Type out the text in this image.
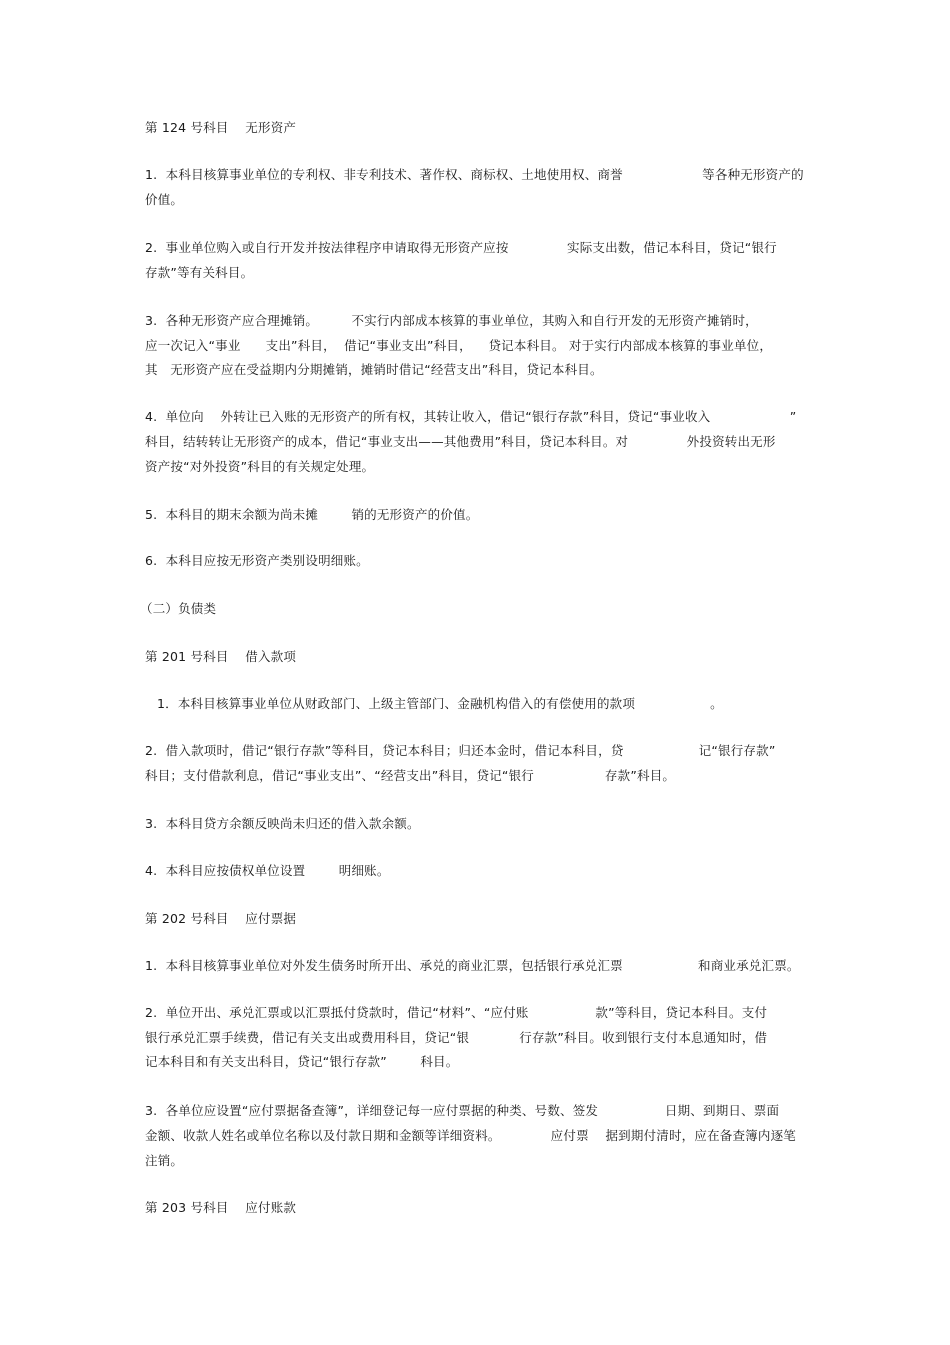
第 124 号科目    无形资产
1.  本科目核算事业单位的专利权、非专利技术、著作权、商标权、土地使用权、商誉                   等各种无形资产的
价值。
2.  事业单位购入或自行开发并按法律程序申请取得无形资产应按              实际支出数，借记本科目，贷记“银行
存款”等有关科目。
3.  各种无形资产应合理摊销。        不实行内部成本核算的事业单位，其购入和自行开发的无形资产摊销时，
应一次记入“事业      支出”科目，  借记“事业支出”科目，    贷记本科目。 对于实行内部成本核算的事业单位，
其   无形资产应在受益期内分期摊销，摊销时借记“经营支出”科目，贷记本科目。
4.  单位向    外转让已入账的无形资产的所有权，其转让收入，借记“银行存款”科目，贷记“事业收入                   ”
科目，结转转让无形资产的成本，借记“事业支出——其他费用”科目，贷记本科目。对              外投资转出无形
资产按“对外投资”科目的有关规定处理。
5.  本科目的期末余额为尚未摊        销的无形资产的价值。
6.  本科目应按无形资产类别设明细账。
（二）负债类
第 201 号科目    借入款项
1．本科目核算事业单位从财政部门、上级主管部门、金融机构借入的有偿使用的款项                  。
2.  借入款项时，借记“银行存款”等科目，贷记本科目；归还本金时，借记本科目，贷                  记“银行存款”
科目；支付借款利息，借记“事业支出”、“经营支出”科目，贷记“银行                 存款”科目。
3.  本科目贷方余额反映尚未归还的借入款余额。
4.  本科目应按债权单位设置        明细账。
第 202 号科目    应付票据
1.  本科目核算事业单位对外发生债务时所开出、承兑的商业汇票，包括银行承兑汇票                  和商业承兑汇票。
2.  单位开出、承兑汇票或以汇票抵付贷款时，借记“材料”、“应付账                款”等科目，贷记本科目。支付
银行承兑汇票手续费，借记有关支出或费用科目，贷记“银            行存款”科目。收到银行支付本息通知时，借
记本科目和有关支出科目，贷记“银行存款”        科目。
3.  各单位应设置“应付票据备查簿”，详细登记每一应付票据的种类、号数、签发                日期、到期日、票面
金额、收款人姓名或单位名称以及付款日期和金额等详细资料。            应付票    据到期付清时，应在备查簿内逐笔
注销。
第 203 号科目    应付账款
